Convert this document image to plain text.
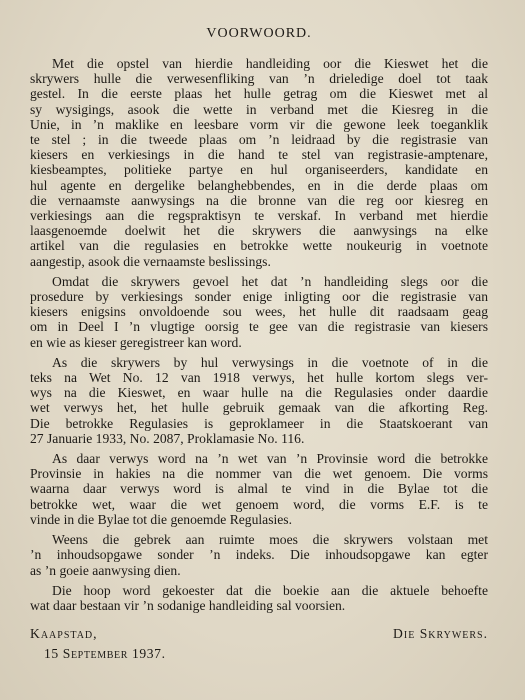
VOORWOORD.
Met die opstel van hierdie handleiding oor die Kieswet het die
skrywers hulle die verwesenfliking van ’n drieledige doel tot taak
gestel. In die eerste plaas het hulle getrag om die Kieswet met al
sy wysigings, asook die wette in verband met die Kiesreg in die
Unie, in ’n maklike en leesbare vorm vir die gewone leek toeganklik
te stel ; in die tweede plaas om ’n leidraad by die registrasie van
kiesers en verkiesings in die hand te stel van registrasie-amptenare,
kiesbeamptes, politieke partye en hul organiseerders, kandidate en
hul agente en dergelike belanghebbendes, en in die derde plaas om
die vernaamste aanwysings na die bronne van die reg oor kiesreg en
verkiesings aan die regspraktisyn te verskaf. In verband met hierdie
laasgenoemde doelwit het die skrywers die aanwysings na elke
artikel van die regulasies en betrokke wette noukeurig in voetnote
aangestip, asook die vernaamste beslissings.
Omdat die skrywers gevoel het dat ’n handleiding slegs oor die
prosedure by verkiesings sonder enige inligting oor die registrasie van
kiesers enigsins onvoldoende sou wees, het hulle dit raadsaam geag
om in Deel I ’n vlugtige oorsig te gee van die registrasie van kiesers
en wie as kieser geregistreer kan word.
As die skrywers by hul verwysings in die voetnote of in die
teks na Wet No. 12 van 1918 verwys, het hulle kortom slegs ver-
wys na die Kieswet, en waar hulle na die Regulasies onder daardie
wet verwys het, het hulle gebruik gemaak van die afkorting Reg.
Die betrokke Regulasies is geproklameer in die Staatskoerant van
27 Januarie 1933, No. 2087, Proklamasie No. 116.
As daar verwys word na ’n wet van ’n Provinsie word die betrokke
Provinsie in hakies na die nommer van die wet genoem. Die vorms
waarna daar verwys word is almal te vind in die Bylae tot die
betrokke wet, waar die wet genoem word, die vorms E.F. is te
vinde in die Bylae tot die genoemde Regulasies.
Weens die gebrek aan ruimte moes die skrywers volstaan met
’n inhoudsopgawe sonder ’n indeks. Die inhoudsopgawe kan egter
as ’n goeie aanwysing dien.
Die hoop word gekoester dat die boekie aan die aktuele behoefte
wat daar bestaan vir ’n sodanige handleiding sal voorsien.
Kaapstad,
15 September 1937.
Die Skrywers.
